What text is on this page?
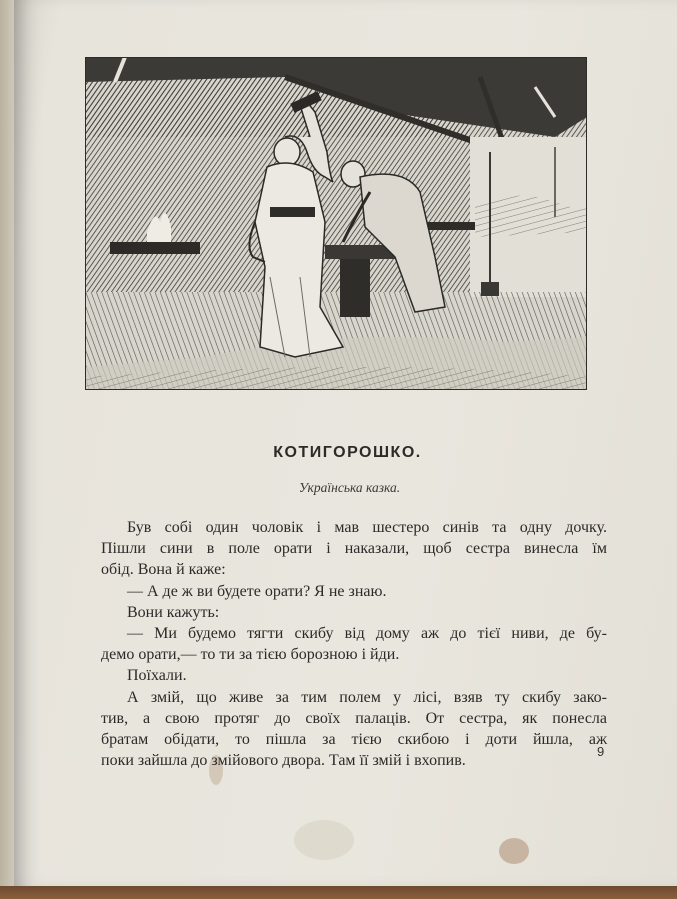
КОТИГОРОШКО.
Українська казка.
Був собі один чоловік і мав шестеро синів та одну дочку.
Пішли сини в поле орати і наказали, щоб сестра винесла їм
обід. Вона й каже:
— А де ж ви будете орати? Я не знаю.
Вони кажуть:
— Ми будемо тягти скибу від дому аж до тієї ниви, де бу-
демо орати,— то ти за тією борозною і йди.
Поїхали.
А змій, що живе за тим полем у лісі, взяв ту скибу зако-
тив, а свою протяг до своїх палаців. От сестра, як понесла
братам обідати, то пішла за тією скибою і доти йшла, аж
поки зайшла до змійового двора. Там її змій і вхопив.
9
